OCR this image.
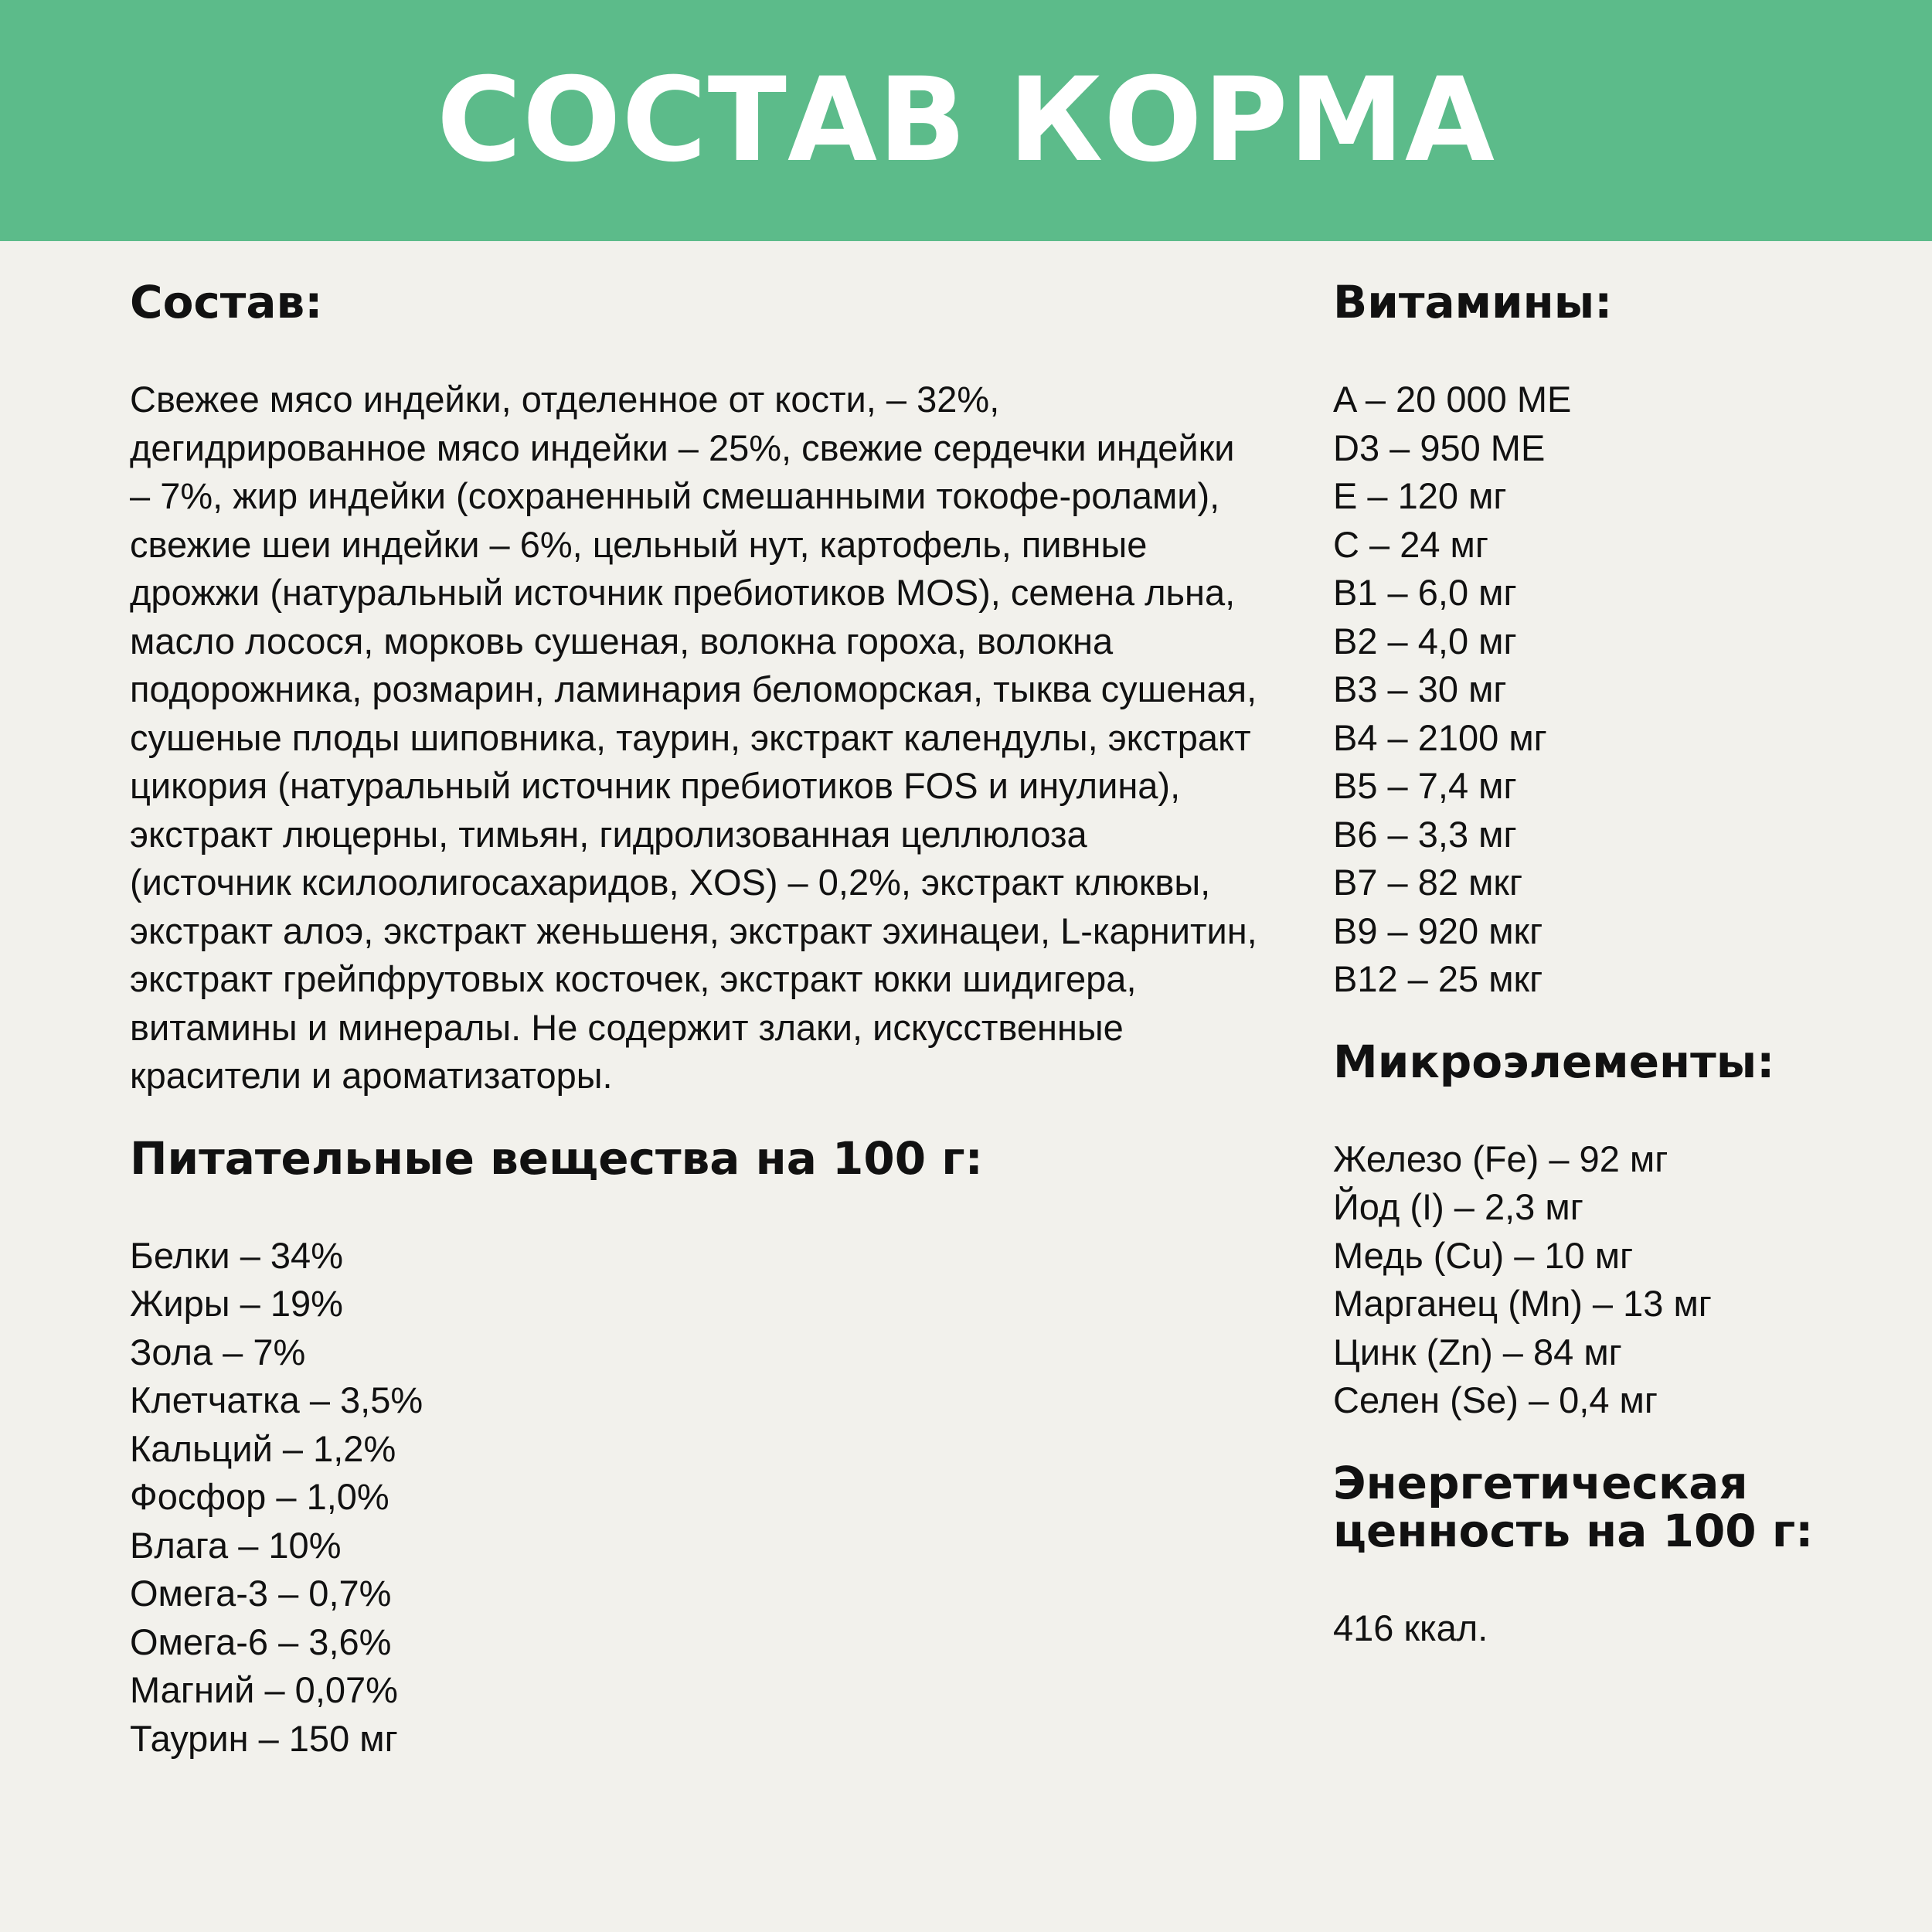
СОСТАВ КОРМА
Состав:

Свежее мясо индейки, отделенное от кости, – 32%, дегидрированное мясо индейки – 25%, свежие сердечки индейки – 7%, жир индейки (сохраненный смешанными токофе-ролами), свежие шеи индейки – 6%, цельный нут, картофель, пивные дрожжи (натуральный источник пребиотиков MOS), семена льна, масло лосося, морковь сушеная, волокна гороха, волокна подорожника, розмарин, ламинария беломорская, тыква сушеная, сушеные плоды шиповника, таурин, экстракт календулы, экстракт цикория (натуральный источник пребиотиков FOS и инулина), экстракт люцерны, тимьян, гидролизованная целлюлоза (источник ксилоолигосахаридов, XOS) – 0,2%, экстракт клюквы, экстракт алоэ, экстракт женьшеня, экстракт эхинацеи, L-карнитин, экстракт грейпфрутовых косточек, экстракт юкки шидигера, витамины и минералы. Не содержит злаки, искусственные красители и ароматизаторы.

Питательные вещества на 100 г:
Белки – 34%
Жиры – 19%
Зола – 7%
Клетчатка – 3,5%
Кальций – 1,2%
Фосфор – 1,0%
Влага – 10%
Омега-3 – 0,7%
Омега-6 – 3,6%
Магний – 0,07%
Таурин – 150 мг
Витамины:
A – 20 000 МЕ
D3 – 950 МЕ
E – 120 мг
C – 24 мг
B1 – 6,0 мг
B2 – 4,0 мг
B3 – 30 мг
B4 – 2100 мг
B5 – 7,4 мг
B6 – 3,3 мг
B7 – 82 мкг
B9 – 920 мкг
B12 – 25 мкг
Микроэлементы:
Железо (Fe) – 92 мг
Йод (I) – 2,3 мг
Медь (Cu) – 10 мг
Марганец (Mn) – 13 мг
Цинк (Zn) – 84 мг
Селен (Se) – 0,4 мг
Энергетическая
ценность на 100 г:

416 ккал.
